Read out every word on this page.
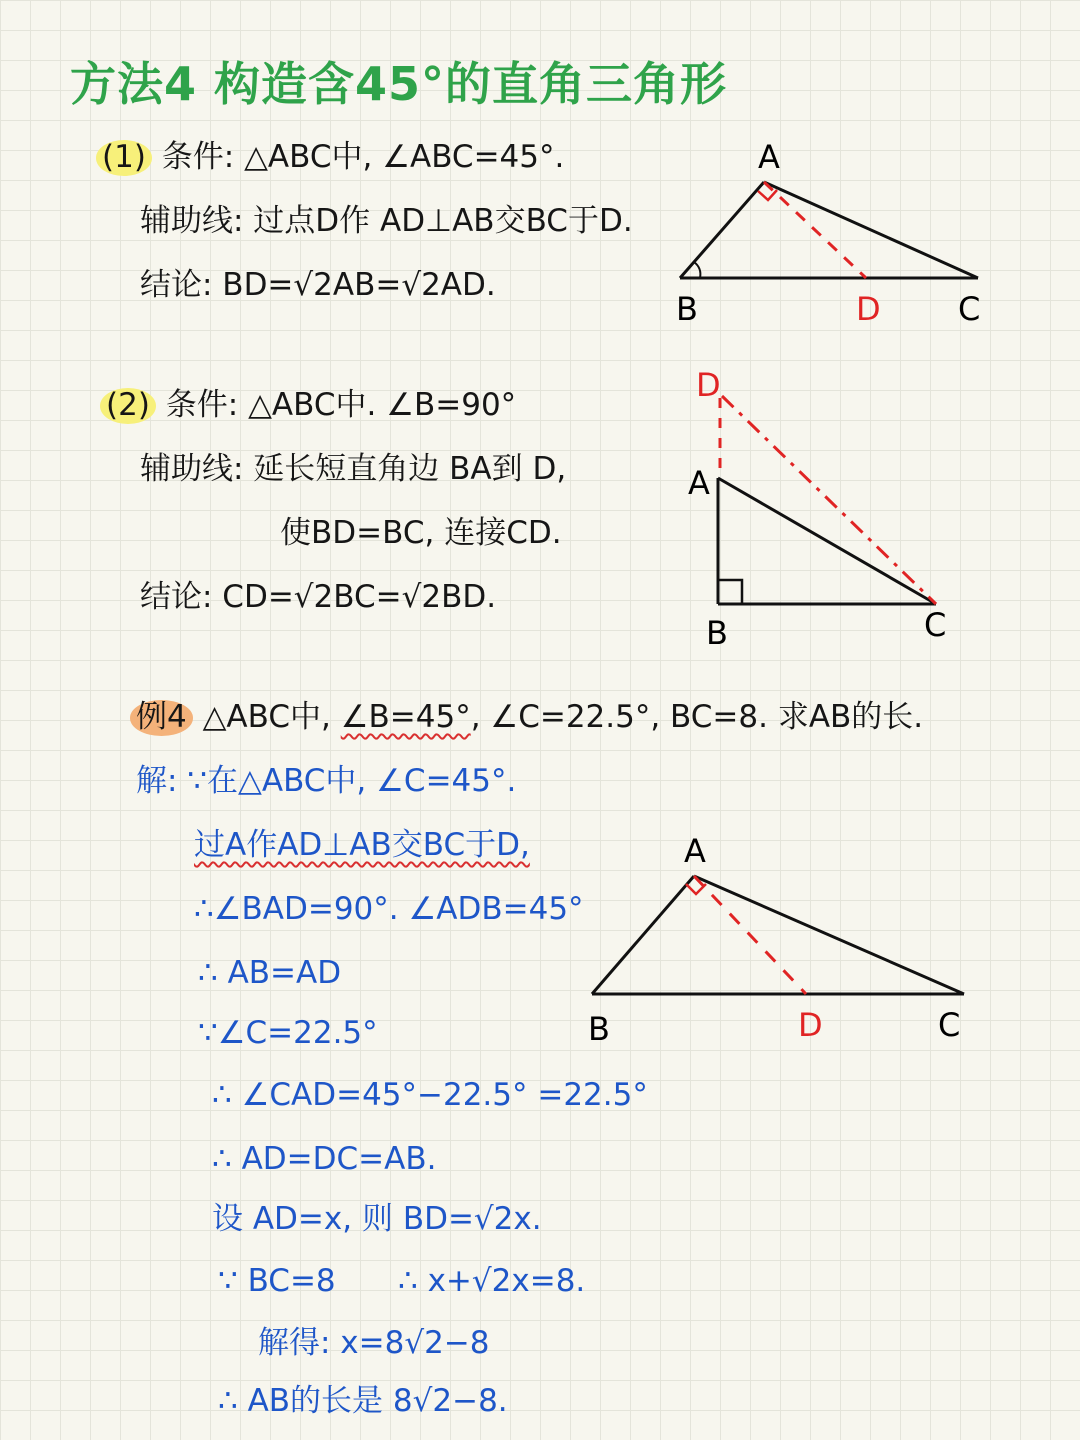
方法4 构造含45°的直角三角形
(1) 条件: △ABC中, ∠ABC=45°.
辅助线: 过点D作 AD⊥AB交BC于D.
结论: BD=√2AB=√2AD.
A
B	C
D
(2) 条件: △ABC中. ∠B=90°
辅助线: 延长短直角边 BA到 D,
使BD=BC, 连接CD.
结论: CD=√2BC=√2BD.
D
A
B	C
例4 △ABC中, ∠B=45°, ∠C=22.5°, BC=8. 求AB的长.
解: ∵在△ABC中, ∠C=45°.
过A作AD⊥AB交BC于D,
∴∠BAD=90°. ∠ADB=45°
∴ AB=AD
∵∠C=22.5°
∴ ∠CAD=45°−22.5° =22.5°
∴ AD=DC=AB.
设 AD=x, 则 BD=√2x.
∵ BC=8 ∴ x+√2x=8.
解得: x=8√2−8
∴ AB的长是 8√2−8.
A
B	C
D
